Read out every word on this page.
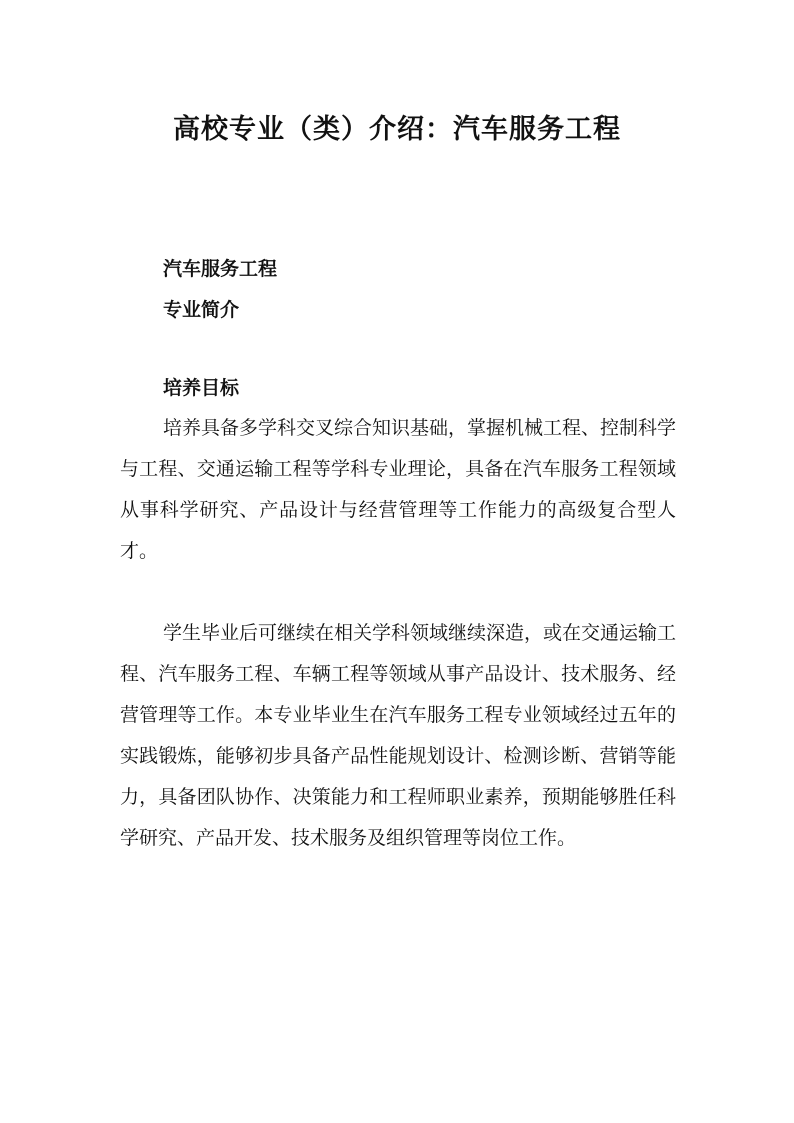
高校专业（类）介绍：汽车服务工程

汽车服务工程

专业简介

培养目标

培养具备多学科交叉综合知识基础，掌握机械工程、控制科学与工程、交通运输工程等学科专业理论，具备在汽车服务工程领域从事科学研究、产品设计与经营管理等工作能力的高级复合型人才。

学生毕业后可继续在相关学科领域继续深造，或在交通运输工程、汽车服务工程、车辆工程等领域从事产品设计、技术服务、经营管理等工作。本专业毕业生在汽车服务工程专业领域经过五年的实践锻炼，能够初步具备产品性能规划设计、检测诊断、营销等能力，具备团队协作、决策能力和工程师职业素养，预期能够胜任科学研究、产品开发、技术服务及组织管理等岗位工作。
